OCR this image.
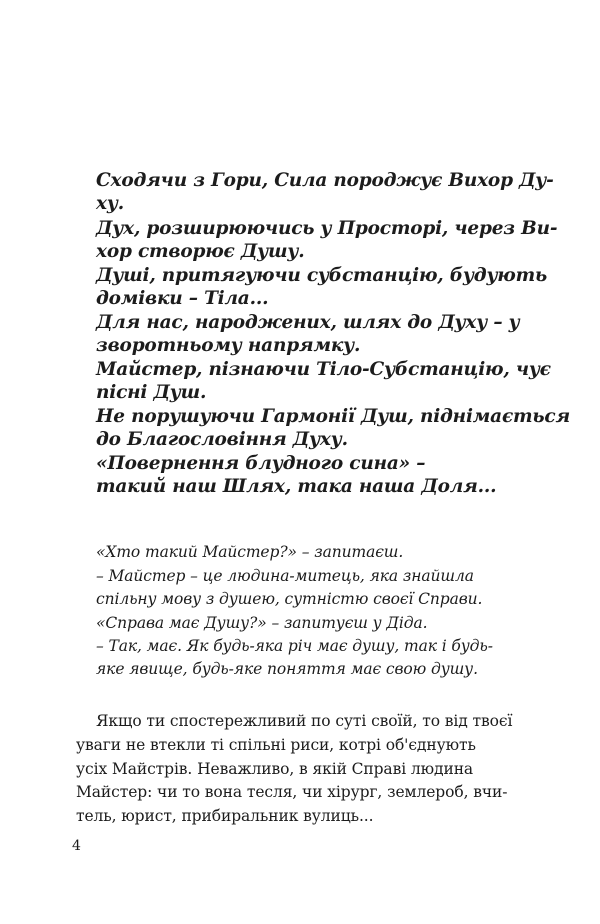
Сходячи з Гори, Сила породжує Вихор Ду-

ху.

Дух, розширюючись у Просторі, через Ви-

хор створює Душу.

Душі, притягуючи субстанцію, будують

домівки – Тіла...

Для нас, народжених, шлях до Духу – у

зворотньому напрямку.

Майстер, пізнаючи Тіло-Субстанцію, чує

пісні Душ.

Не порушуючи Гармонії Душ, піднімається

до Благословіння Духу.

«Повернення блудного сина» –

такий наш Шлях, така наша Доля...

«Хто такий Майстер?» – запитаєш.

– Майстер – це людина-митець, яка знайшла

спільну мову з душею, сутністю своєї Справи.

«Справа має Душу?» – запитуєш у Діда.

– Так, має. Як будь-яка річ має душу, так і будь-

яке явище, будь-яке поняття має свою душу.

Якщо ти спостережливий по суті своїй, то від твоєї

уваги не втекли ті спільні риси, котрі об'єднують

усіх Майстрів. Неважливо, в якій Справі людина

Майстер: чи то вона тесля, чи хірург, землероб, вчи-

тель, юрист, прибиральник вулиць...

4
